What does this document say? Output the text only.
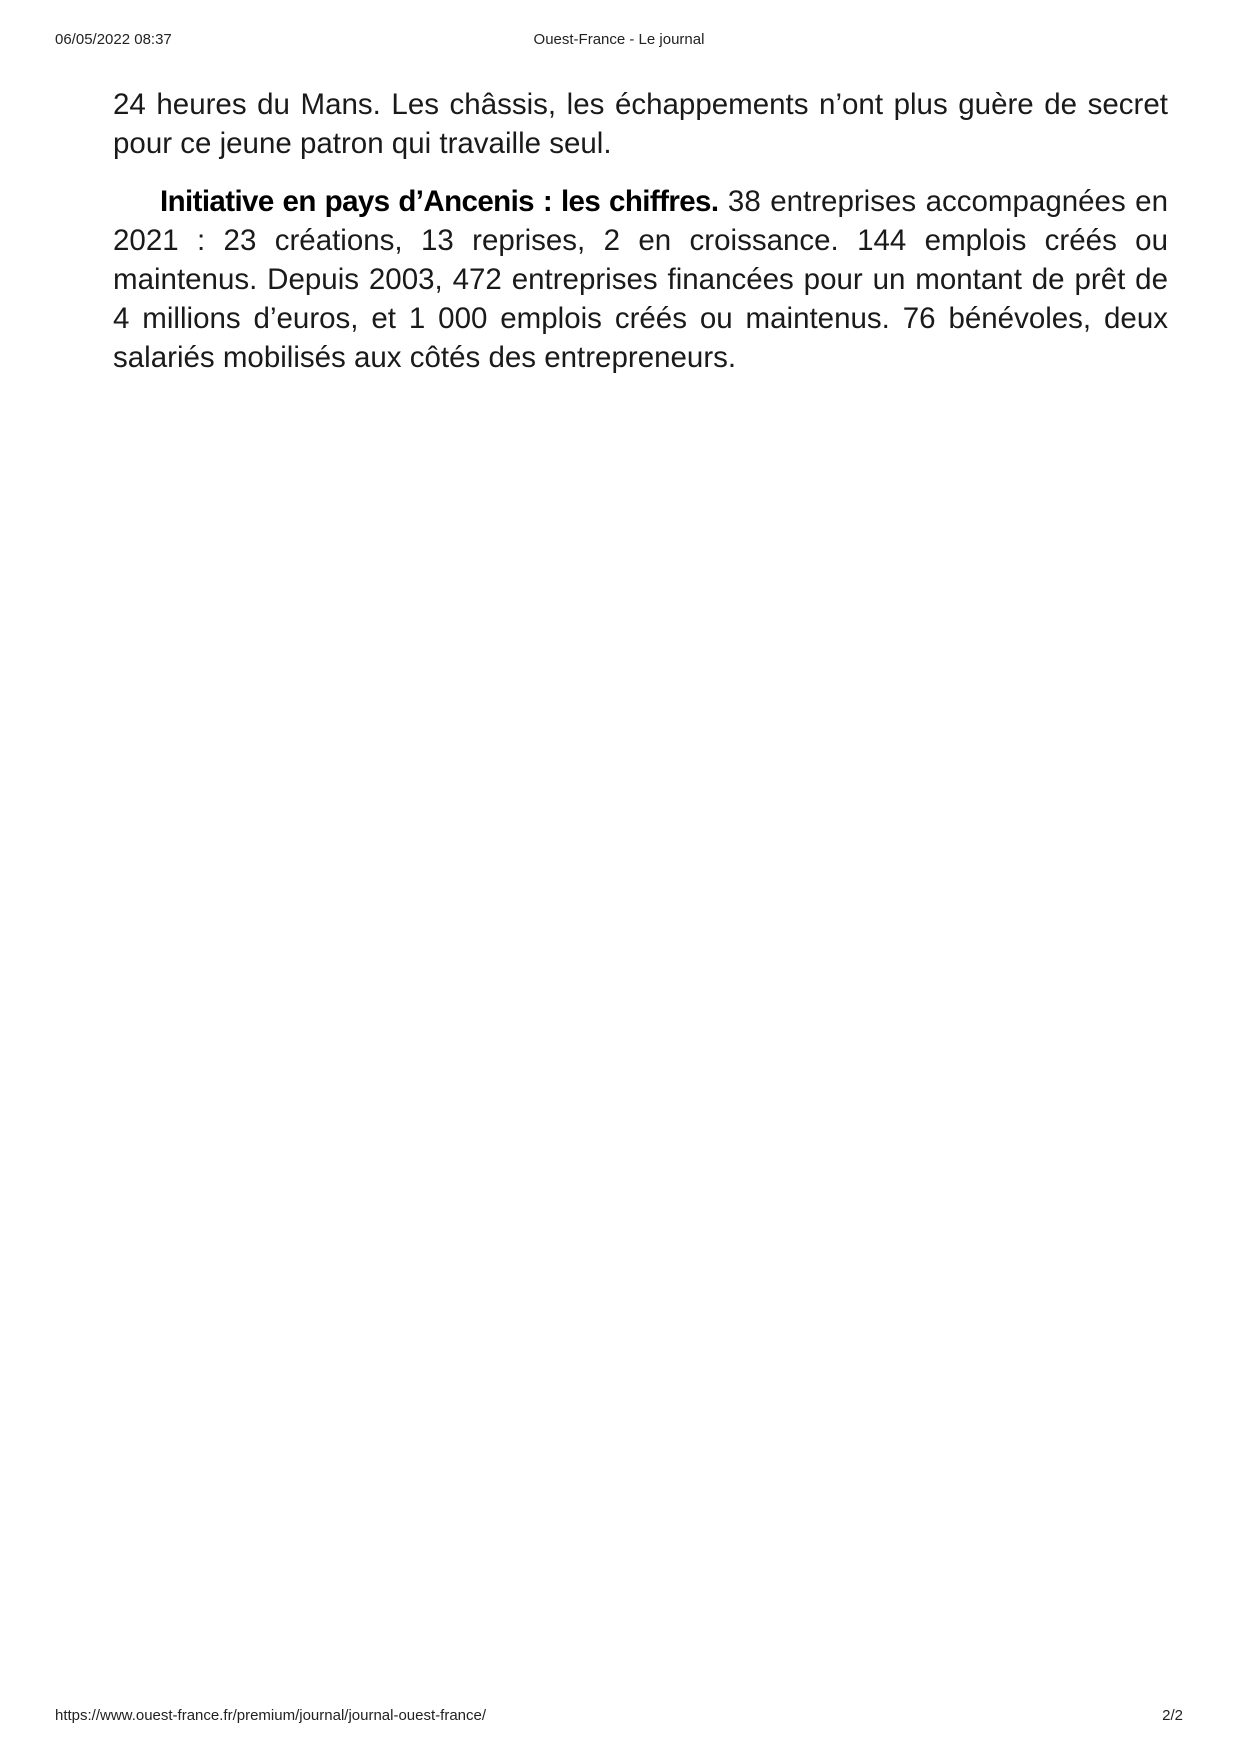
06/05/2022 08:37	Ouest-France - Le journal

24 heures du Mans. Les châssis, les échappements n’ont plus guère de secret pour ce jeune patron qui travaille seul.

Initiative en pays d’Ancenis : les chiffres. 38 entreprises accompagnées en 2021 : 23 créations, 13 reprises, 2 en croissance. 144 emplois créés ou maintenus. Depuis 2003, 472 entreprises financées pour un montant de prêt de 4 millions d’euros, et 1 000 emplois créés ou maintenus. 76 bénévoles, deux salariés mobilisés aux côtés des entrepreneurs.

https://www.ouest-france.fr/premium/journal/journal-ouest-france/	2/2
